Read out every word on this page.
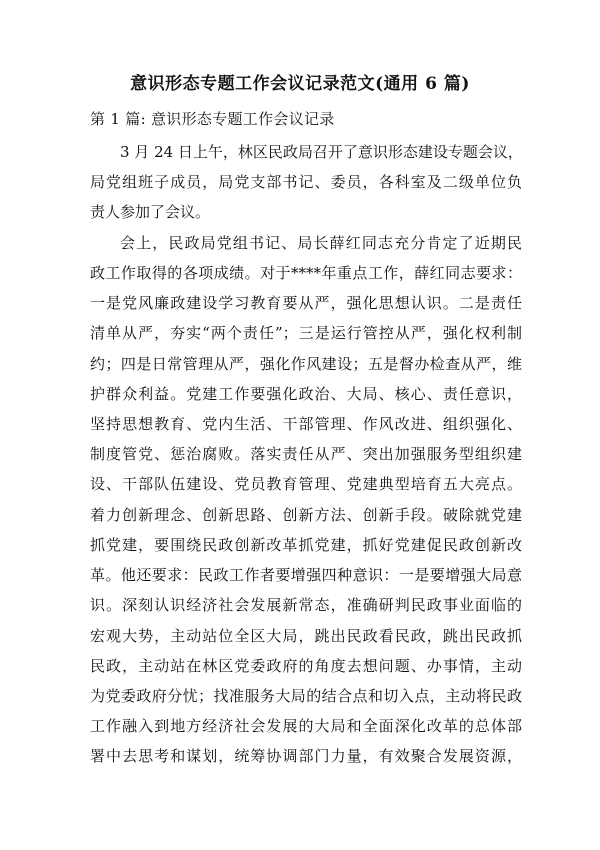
意识形态专题工作会议记录范文(通用 6 篇)
第 1 篇: 意识形态专题工作会议记录
3 月 24 日上午，林区民政局召开了意识形态建设专题会议，
局党组班子成员，局党支部书记、委员，各科室及二级单位负
责人参加了会议。
会上，民政局党组书记、局长薛红同志充分肯定了近期民
政工作取得的各项成绩。对于****年重点工作，薛红同志要求：
一是党风廉政建设学习教育要从严，强化思想认识。二是责任
清单从严，夯实“两个责任”；三是运行管控从严，强化权利制
约；四是日常管理从严，强化作风建设；五是督办检查从严，维
护群众利益。党建工作要强化政治、大局、核心、责任意识，
坚持思想教育、党内生活、干部管理、作风改进、组织强化、
制度管党、惩治腐败。落实责任从严、突出加强服务型组织建
设、干部队伍建设、党员教育管理、党建典型培育五大亮点。
着力创新理念、创新思路、创新方法、创新手段。破除就党建
抓党建，要围绕民政创新改革抓党建，抓好党建促民政创新改
革。他还要求：民政工作者要增强四种意识：一是要增强大局意
识。深刻认识经济社会发展新常态，准确研判民政事业面临的
宏观大势，主动站位全区大局，跳出民政看民政，跳出民政抓
民政，主动站在林区党委政府的角度去想问题、办事情，主动
为党委政府分忧；找准服务大局的结合点和切入点，主动将民政
工作融入到地方经济社会发展的大局和全面深化改革的总体部
署中去思考和谋划，统筹协调部门力量，有效聚合发展资源，
